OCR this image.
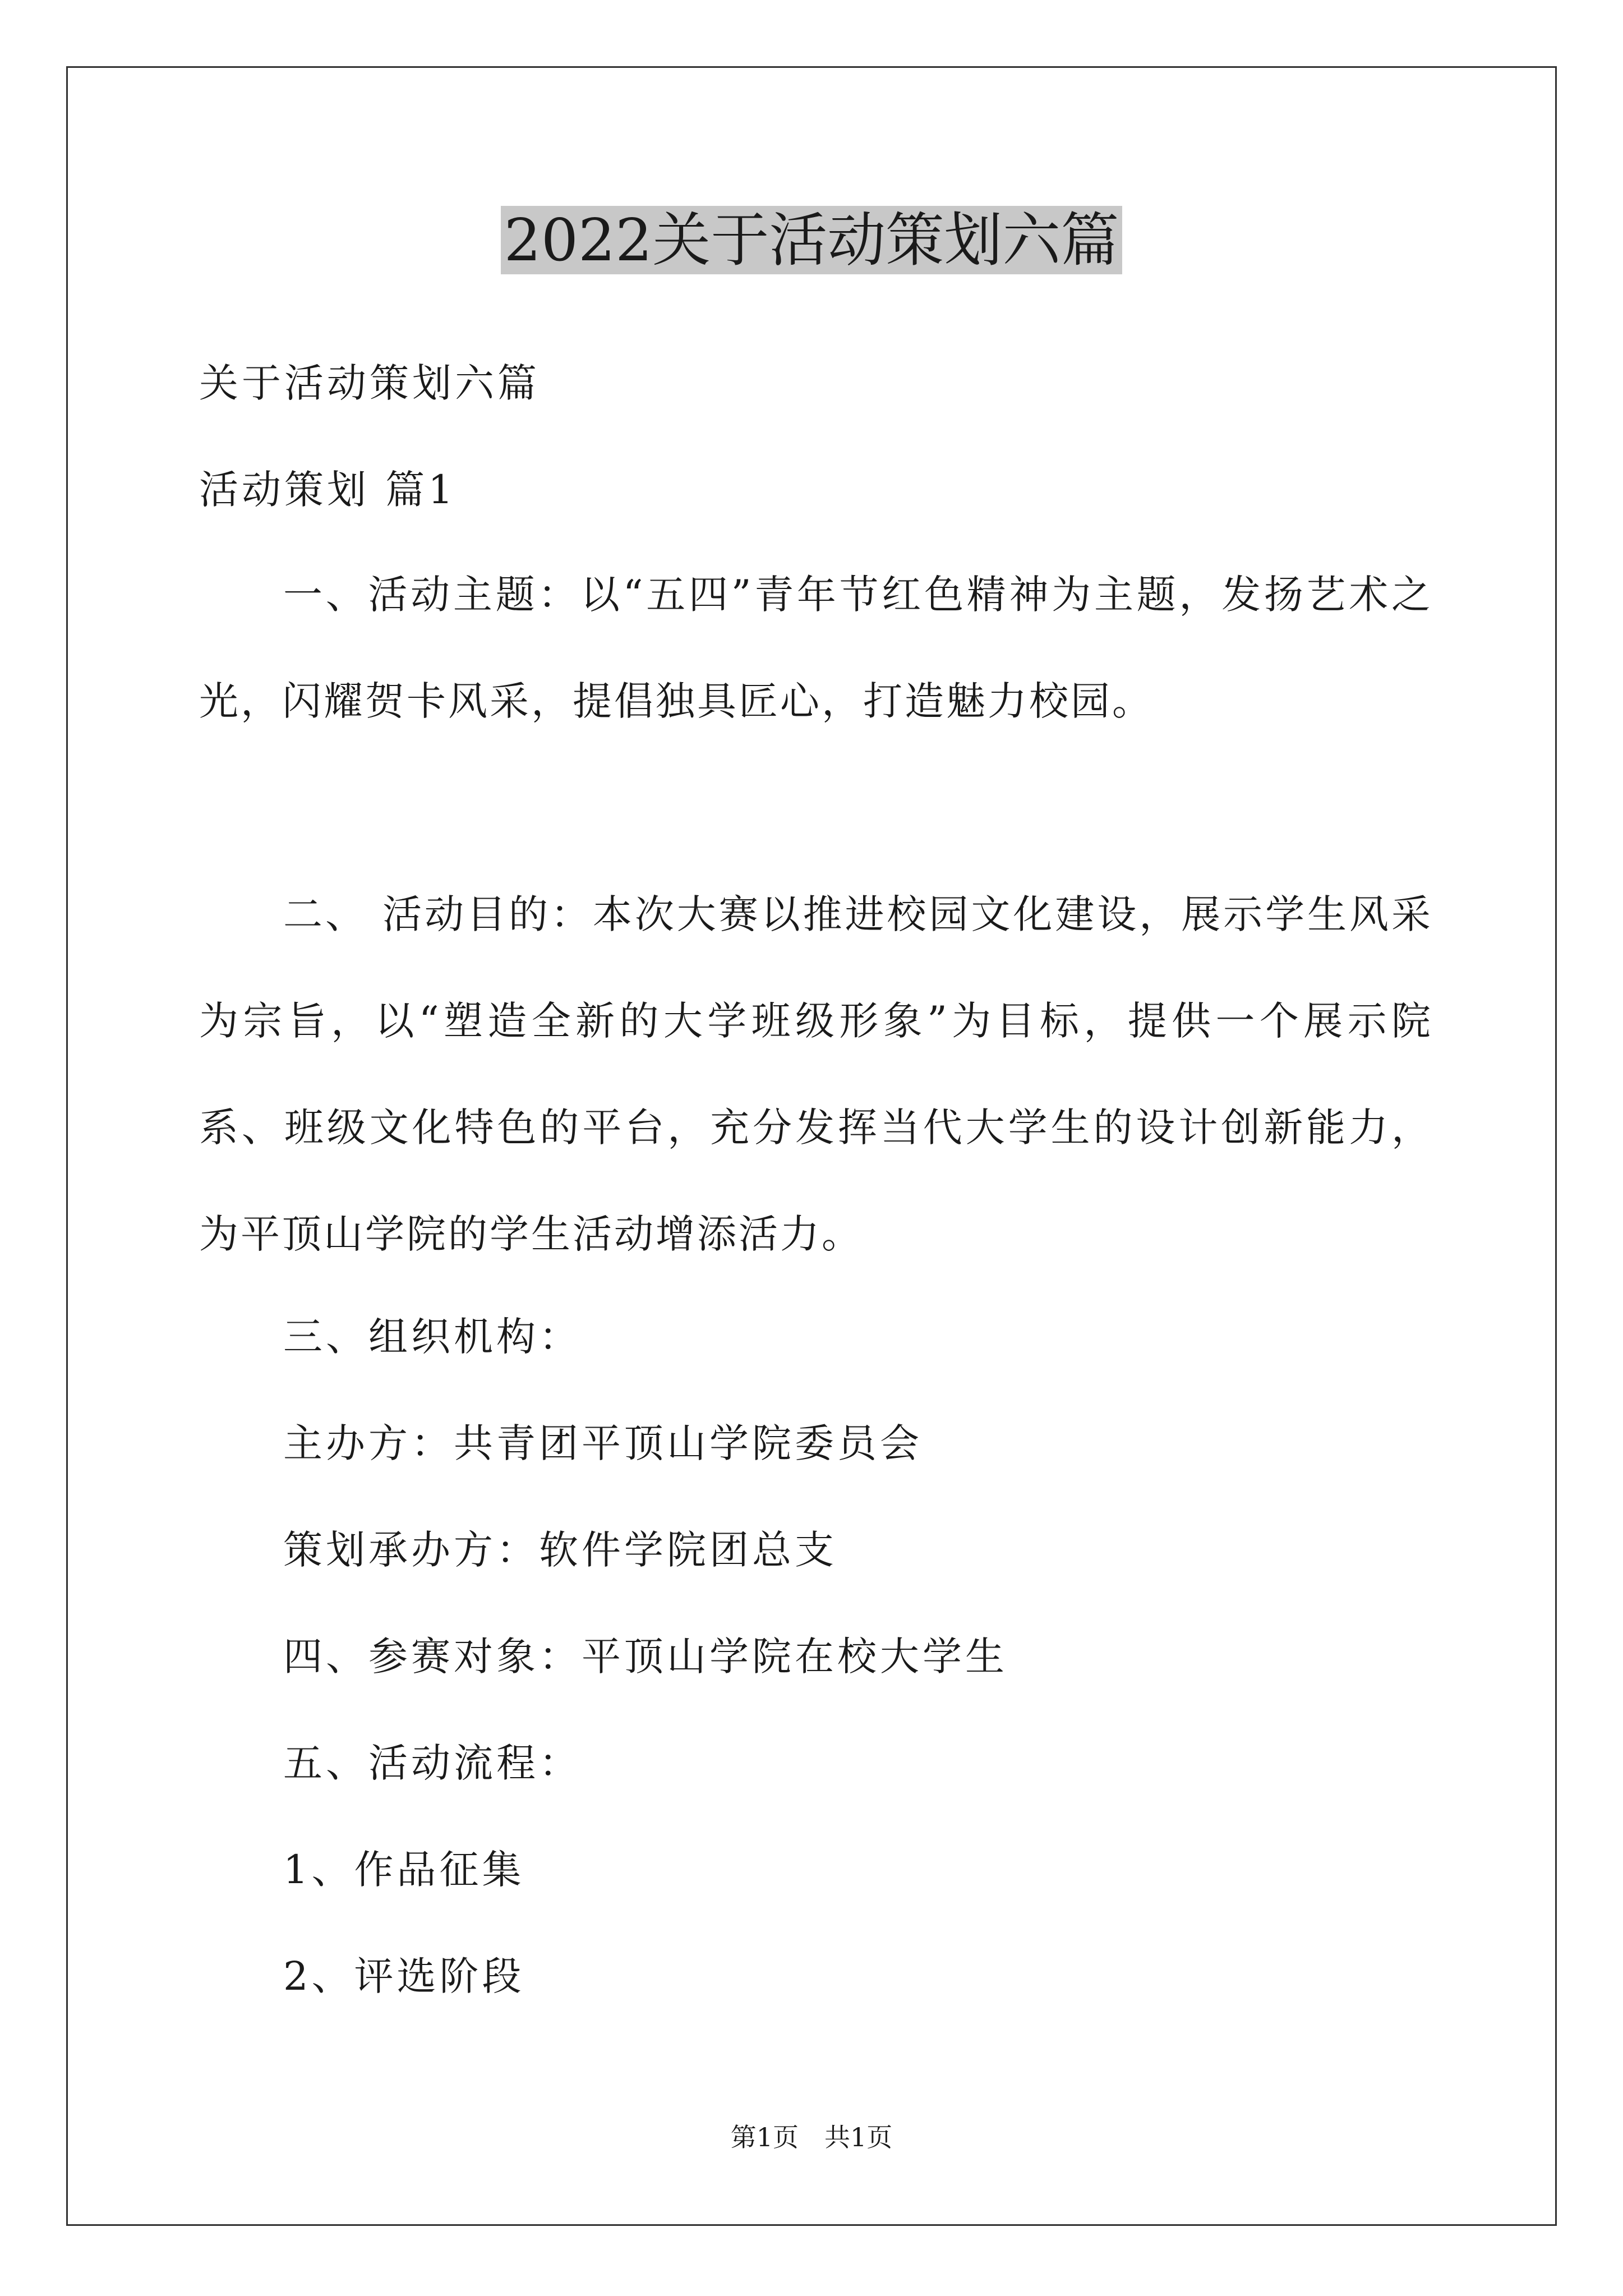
2022关于活动策划六篇
关于活动策划六篇
活动策划 篇1
一、活动主题：以“五四”青年节红色精神为主题，发扬艺术之光，闪耀贺卡风采，提倡独具匠心，打造魅力校园。
二、 活动目的：本次大赛以推进校园文化建设，展示学生风采为宗旨，以“塑造全新的大学班级形象”为目标，提供一个展示院系、班级文化特色的平台，充分发挥当代大学生的设计创新能力，为平顶山学院的学生活动增添活力。
三、组织机构：
主办方：共青团平顶山学院委员会
策划承办方：软件学院团总支
四、参赛对象：平顶山学院在校大学生
五、活动流程：
1、作品征集
2、评选阶段
第1页　共1页
